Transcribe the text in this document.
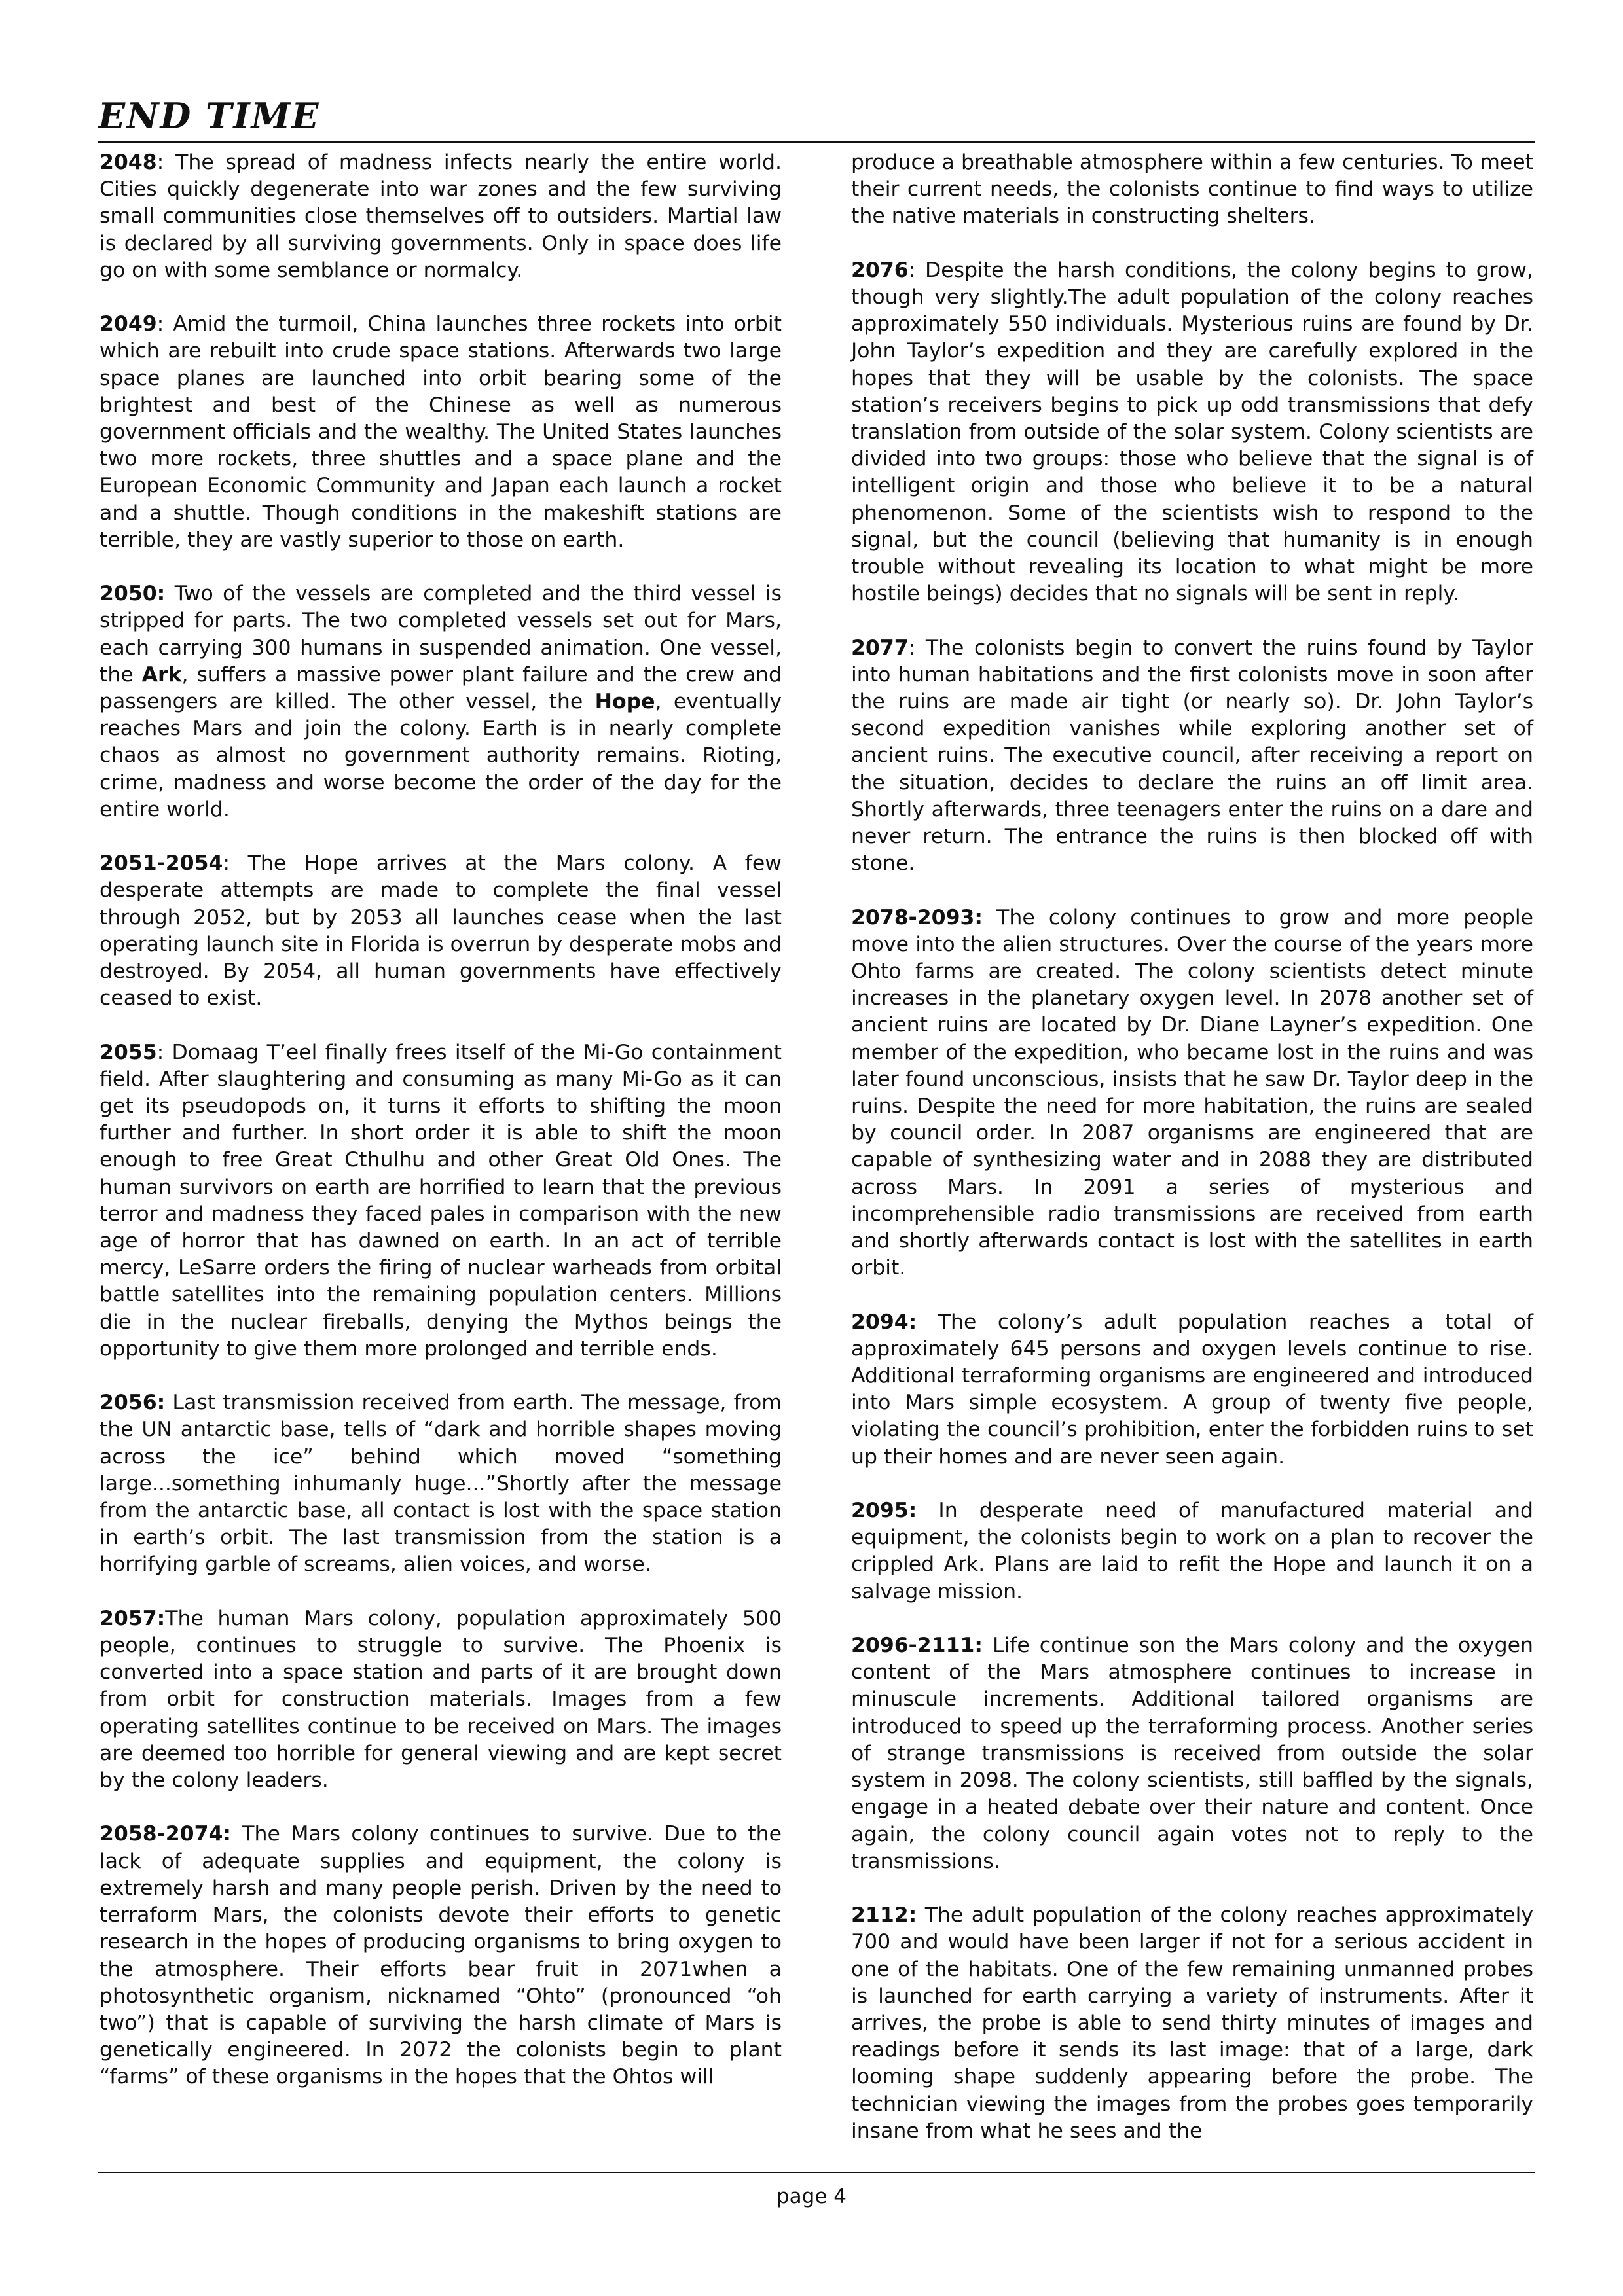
END TIME

2048: The spread of madness infects nearly the entire world. Cities quickly degenerate into war zones and the few surviving small communities close themselves off to outsiders. Martial law is declared by all surviving governments. Only in space does life go on with some semblance or normalcy.

2049: Amid the turmoil, China launches three rockets into orbit which are rebuilt into crude space stations. Afterwards two large space planes are launched into orbit bearing some of the brightest and best of the Chinese as well as numerous government officials and the wealthy. The United States launches two more rockets, three shuttles and a space plane and the European Economic Community and Japan each launch a rocket and a shuttle. Though conditions in the makeshift stations are terrible, they are vastly superior to those on earth.

2050: Two of the vessels are completed and the third vessel is stripped for parts. The two completed vessels set out for Mars, each carrying 300 humans in suspended animation. One vessel, the Ark, suffers a massive power plant failure and the crew and passengers are killed. The other vessel, the Hope, eventually reaches Mars and join the colony. Earth is in nearly complete chaos as almost no government authority remains. Rioting, crime, madness and worse become the order of the day for the entire world.

2051-2054: The Hope arrives at the Mars colony. A few desperate attempts are made to complete the final vessel through 2052, but by 2053 all launches cease when the last operating launch site in Florida is overrun by desperate mobs and destroyed. By 2054, all human governments have effectively ceased to exist.

2055: Domaag T’eel finally frees itself of the Mi-Go containment field. After slaughtering and consuming as many Mi-Go as it can get its pseudopods on, it turns it efforts to shifting the moon further and further. In short order it is able to shift the moon enough to free Great Cthulhu and other Great Old Ones. The human survivors on earth are horrified to learn that the previous terror and madness they faced pales in comparison with the new age of horror that has dawned on earth. In an act of terrible mercy, LeSarre orders the firing of nuclear warheads from orbital battle satellites into the remaining population centers. Millions die in the nuclear fireballs, denying the Mythos beings the opportunity to give them more prolonged and terrible ends.

2056: Last transmission received from earth. The message, from the UN antarctic base, tells of “dark and horrible shapes moving across the ice” behind which moved “something large...something inhumanly huge...”Shortly after the message from the antarctic base, all contact is lost with the space station in earth’s orbit. The last transmission from the station is a horrifying garble of screams, alien voices, and worse.

2057:The human Mars colony, population approximately 500 people, continues to struggle to survive. The Phoenix is converted into a space station and parts of it are brought down from orbit for construction materials. Images from a few operating satellites continue to be received on Mars. The images are deemed too horrible for general viewing and are kept secret by the colony leaders.

2058-2074: The Mars colony continues to survive. Due to the lack of adequate supplies and equipment, the colony is extremely harsh and many people perish. Driven by the need to terraform Mars, the colonists devote their efforts to genetic research in the hopes of producing organisms to bring oxygen to the atmosphere. Their efforts bear fruit in 2071when a photosynthetic organism, nicknamed “Ohto” (pronounced “oh two”) that is capable of surviving the harsh climate of Mars is genetically engineered. In 2072 the colonists begin to plant “farms” of these organisms in the hopes that the Ohtos will

produce a breathable atmosphere within a few centuries. To meet their current needs, the colonists continue to find ways to utilize the native materials in constructing shelters.

2076: Despite the harsh conditions, the colony begins to grow, though very slightly.The adult population of the colony reaches approximately 550 individuals. Mysterious ruins are found by Dr. John Taylor’s expedition and they are carefully explored in the hopes that they will be usable by the colonists. The space station’s receivers begins to pick up odd transmissions that defy translation from outside of the solar system. Colony scientists are divided into two groups: those who believe that the signal is of intelligent origin and those who believe it to be a natural phenomenon. Some of the scientists wish to respond to the signal, but the council (believing that humanity is in enough trouble without revealing its location to what might be more hostile beings) decides that no signals will be sent in reply.

2077: The colonists begin to convert the ruins found by Taylor into human habitations and the first colonists move in soon after the ruins are made air tight (or nearly so). Dr. John Taylor’s second expedition vanishes while exploring another set of ancient ruins. The executive council, after receiving a report on the situation, decides to declare the ruins an off limit area. Shortly afterwards, three teenagers enter the ruins on a dare and never return. The entrance the ruins is then blocked off with stone.

2078-2093: The colony continues to grow and more people move into the alien structures. Over the course of the years more Ohto farms are created. The colony scientists detect minute increases in the planetary oxygen level. In 2078 another set of ancient ruins are located by Dr. Diane Layner’s expedition. One member of the expedition, who became lost in the ruins and was later found unconscious, insists that he saw Dr. Taylor deep in the ruins. Despite the need for more habitation, the ruins are sealed by council order. In 2087 organisms are engineered that are capable of synthesizing water and in 2088 they are distributed across Mars. In 2091 a series of mysterious and incomprehensible radio transmissions are received from earth and shortly afterwards contact is lost with the satellites in earth orbit.

2094: The colony’s adult population reaches a total of approximately 645 persons and oxygen levels continue to rise. Additional terraforming organisms are engineered and introduced into Mars simple ecosystem. A group of twenty five people, violating the council’s prohibition, enter the forbidden ruins to set up their homes and are never seen again.

2095: In desperate need of manufactured material and equipment, the colonists begin to work on a plan to recover the crippled Ark. Plans are laid to refit the Hope and launch it on a salvage mission.

2096-2111: Life continue son the Mars colony and the oxygen content of the Mars atmosphere continues to increase in minuscule increments. Additional tailored organisms are introduced to speed up the terraforming process. Another series of strange transmissions is received from outside the solar system in 2098. The colony scientists, still baffled by the signals, engage in a heated debate over their nature and content. Once again, the colony council again votes not to reply to the transmissions.

2112: The adult population of the colony reaches approximately 700 and would have been larger if not for a serious accident in one of the habitats. One of the few remaining unmanned probes is launched for earth carrying a variety of instruments. After it arrives, the probe is able to send thirty minutes of images and readings before it sends its last image: that of a large, dark looming shape suddenly appearing before the probe. The technician viewing the images from the probes goes temporarily insane from what he sees and the

page 4
